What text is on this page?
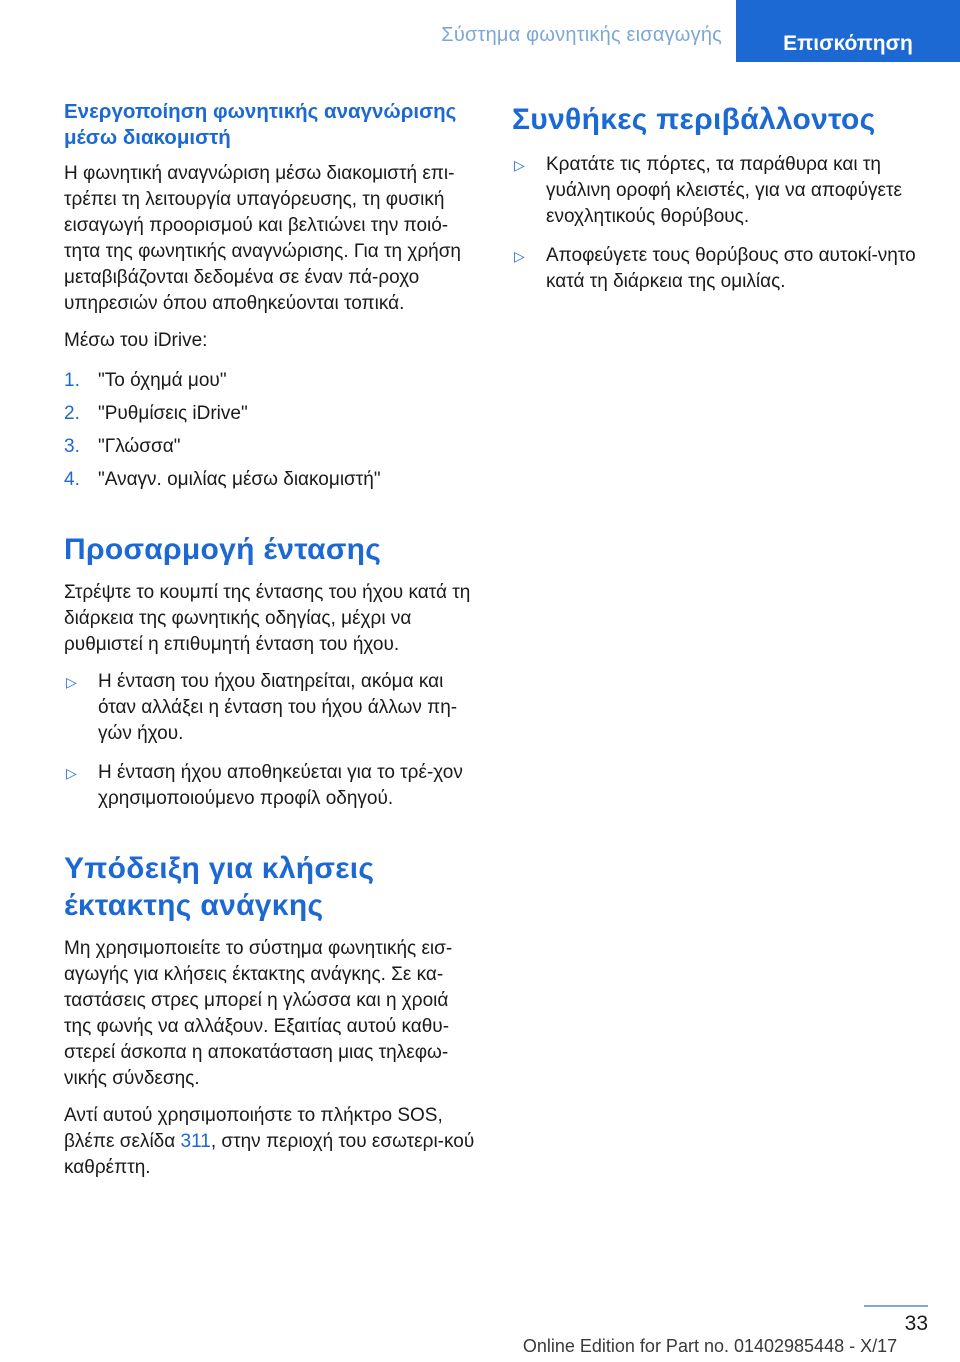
Σύστημα φωνητικής εισαγωγής	Επισκόπηση
Ενεργοποίηση φωνητικής αναγνώρισης μέσω διακομιστή

Η φωνητική αναγνώριση μέσω διακομιστή επι‐τρέπει τη λειτουργία υπαγόρευσης, τη φυσική εισαγωγή προορισμού και βελτιώνει την ποιό‐τητα της φωνητικής αναγνώρισης. Για τη χρήση μεταβιβάζονται δεδομένα σε έναν πά‐ροχο υπηρεσιών όπου αποθηκεύονται τοπικά.

Μέσω του iDrive:

1. "Το όχημά μου"
2. "Ρυθμίσεις iDrive"
3. "Γλώσσα"
4. "Αναγν. ομιλίας μέσω διακομιστή"
Προσαρμογή έντασης

Στρέψτε το κουμπί της έντασης του ήχου κατά τη διάρκεια της φωνητικής οδηγίας, μέχρι να ρυθμιστεί η επιθυμητή ένταση του ήχου.

▷	Η ένταση του ήχου διατηρείται, ακόμα και όταν αλλάξει η ένταση του ήχου άλλων πη‐γών ήχου.
▷	Η ένταση ήχου αποθηκεύεται για το τρέ‐χον χρησιμοποιούμενο προφίλ οδηγού.
Υπόδειξη για κλήσεις έκτακτης ανάγκης

Μη χρησιμοποιείτε το σύστημα φωνητικής εισ‐αγωγής για κλήσεις έκτακτης ανάγκης. Σε κα‐ταστάσεις στρες μπορεί η γλώσσα και η χροιά της φωνής να αλλάξουν. Εξαιτίας αυτού καθυ‐στερεί άσκοπα η αποκατάσταση μιας τηλεφω‐νικής σύνδεσης.

Αντί αυτού χρησιμοποιήστε το πλήκτρο SOS, βλέπε σελίδα 311, στην περιοχή του εσωτερι‐κού καθρέπτη.

Συνθήκες περιβάλλοντος
▷	Κρατάτε τις πόρτες, τα παράθυρα και τη γυάλινη οροφή κλειστές, για να αποφύγετε ενοχλητικούς θορύβους.
▷	Αποφεύγετε τους θορύβους στο αυτοκί‐νητο κατά τη διάρκεια της ομιλίας.
33
Online Edition for Part no. 01402985448 - X/17
